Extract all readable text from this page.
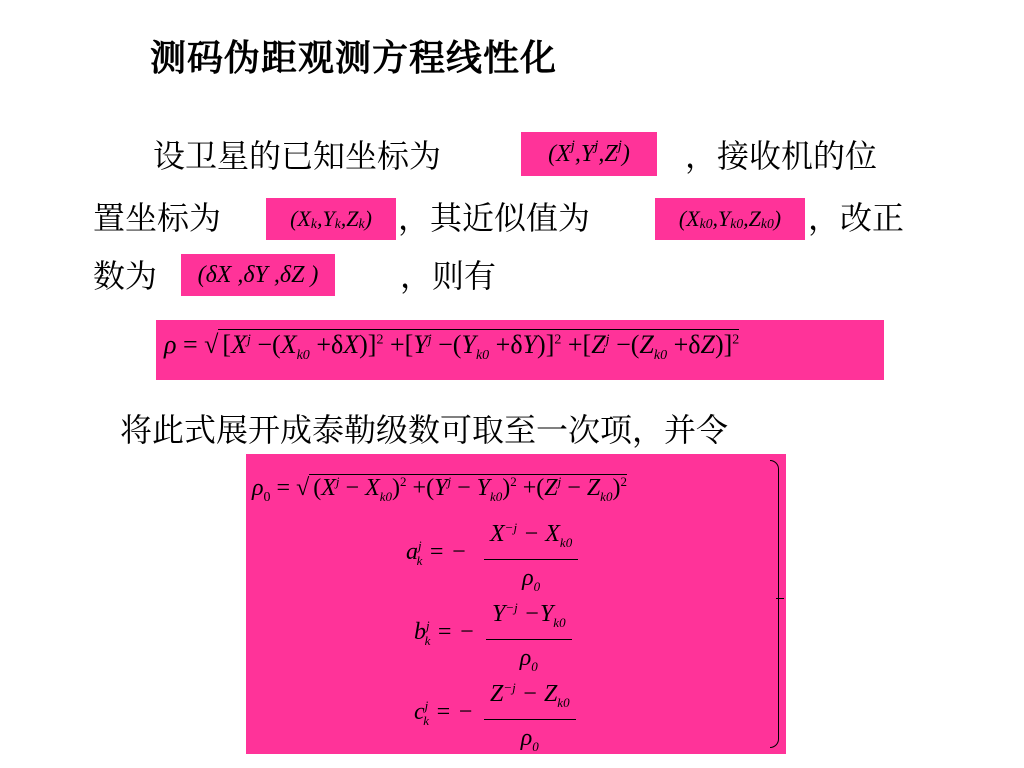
测码伪距观测方程线性化
设卫星的已知坐标为	( X j , Y j , Z j )	，接收机的位
置坐标为	( X k , Y k , Z k ) ，其近似值为	( X k0 , Y k0 , Z k0 ) ，改正
数为	(δX ,δY ,δZ )	，则有
ρ = √ $[X^j -(X_{k0} +\delta X)]^2 +[Y^j -(Y_{k0} +\delta Y)]^2 +[Z^j -(Z_{k0} +\delta Z)]^2$
将此式展开成泰勒级数可取至一次项，并令
$\rho_0$ = √ $(X^j - X_{k0})^2 +(Y^j - Y_{k0})^2 +(Z^j - Z_{k0})^2$
$a^j_k$ = − $\frac{X^{-j} - X_{k0}}{\rho_0}$
$b^j_k$ = − $\frac{Y^{-j} -Y_{k0}}{\rho_0}$
$c^j_k$ = − $\frac{Z^{-j} - Z_{k0}}{\rho_0}$
